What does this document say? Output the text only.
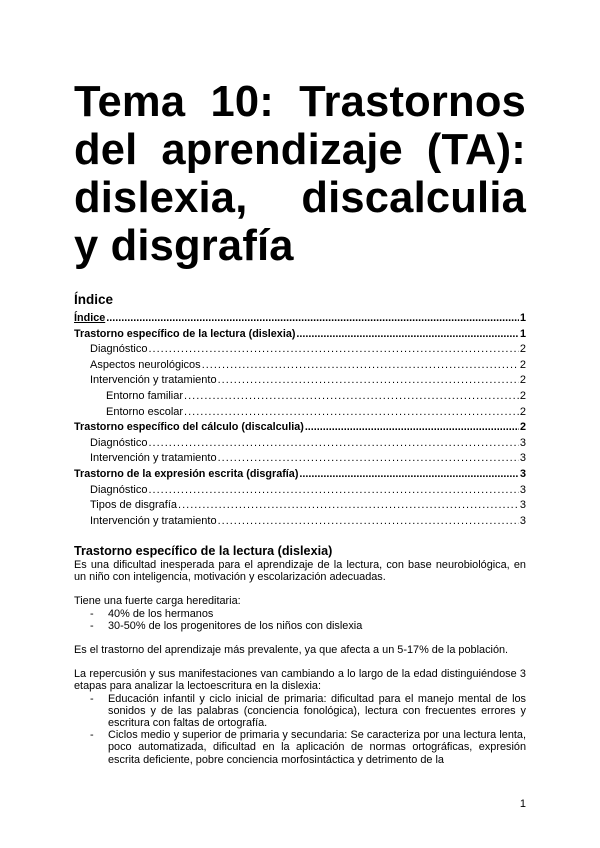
Tema 10: Trastornos
del aprendizaje (TA):
dislexia, discalculia
y disgrafía
Índice
Índice .....	1
Trastorno específico de la lectura (dislexia) .....	1
Diagnóstico .....	2
Aspectos neurológicos .....	2
Intervención y tratamiento .....	2
Entorno familiar .....	2
Entorno escolar .....	2
Trastorno específico del cálculo (discalculia) .....	2
Diagnóstico .....	3
Intervención y tratamiento .....	3
Trastorno de la expresión escrita (disgrafía) .....	3
Diagnóstico .....	3
Tipos de disgrafía .....	3
Intervención y tratamiento .....	3
Trastorno específico de la lectura (dislexia)

Es una dificultad inesperada para el aprendizaje de la lectura, con base neurobiológica, en un niño con inteligencia, motivación y escolarización adecuadas.

Tiene una fuerte carga hereditaria:

- 40% de los hermanos
- 30-50% de los progenitores de los niños con dislexia

Es el trastorno del aprendizaje más prevalente, ya que afecta a un 5-17% de la población.

La repercusión y sus manifestaciones van cambiando a lo largo de la edad distinguiéndose 3 etapas para analizar la lectoescritura en la dislexia:

- Educación infantil y ciclo inicial de primaria: dificultad para el manejo mental de los sonidos y de las palabras (conciencia fonológica), lectura con frecuentes errores y escritura con faltas de ortografía.
- Ciclos medio y superior de primaria y secundaria: Se caracteriza por una lectura lenta, poco automatizada, dificultad en la aplicación de normas ortográficas, expresión escrita deficiente, pobre conciencia morfosintáctica y detrimento de la
1
